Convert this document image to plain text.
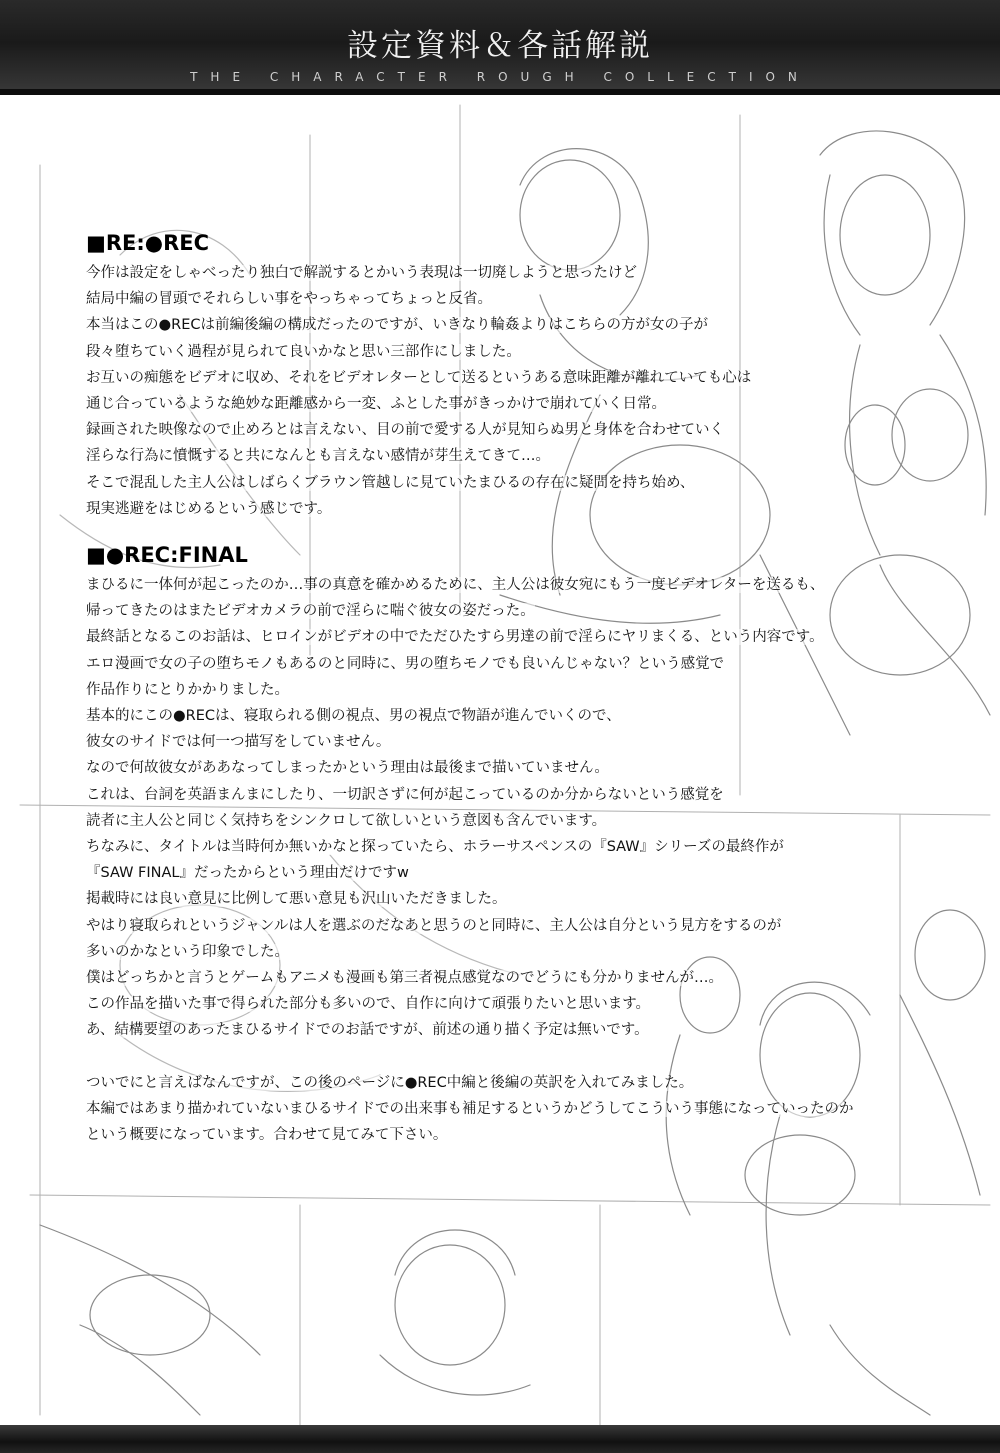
設定資料＆各話解説
THE CHARACTER ROUGH COLLECTION
■RE:●REC
今作は設定をしゃべったり独白で解説するとかいう表現は一切廃しようと思ったけど
結局中編の冒頭でそれらしい事をやっちゃってちょっと反省。
本当はこの●RECは前編後編の構成だったのですが、いきなり輪姦よりはこちらの方が女の子が
段々堕ちていく過程が見られて良いかなと思い三部作にしました。
お互いの痴態をビデオに収め、それをビデオレターとして送るというある意味距離が離れていても心は
通じ合っているような絶妙な距離感から一変、ふとした事がきっかけで崩れていく日常。
録画された映像なので止めろとは言えない、目の前で愛する人が見知らぬ男と身体を合わせていく
淫らな行為に憤慨すると共になんとも言えない感情が芽生えてきて…。
そこで混乱した主人公はしばらくブラウン管越しに見ていたまひるの存在に疑問を持ち始め、
現実逃避をはじめるという感じです。
■●REC:FINAL
まひるに一体何が起こったのか…事の真意を確かめるために、主人公は彼女宛にもう一度ビデオレターを送るも、
帰ってきたのはまたビデオカメラの前で淫らに喘ぐ彼女の姿だった。
最終話となるこのお話は、ヒロインがビデオの中でただひたすら男達の前で淫らにヤリまくる、という内容です。
エロ漫画で女の子の堕ちモノもあるのと同時に、男の堕ちモノでも良いんじゃない？という感覚で
作品作りにとりかかりました。
基本的にこの●RECは、寝取られる側の視点、男の視点で物語が進んでいくので、
彼女のサイドでは何一つ描写をしていません。
なので何故彼女がああなってしまったかという理由は最後まで描いていません。
これは、台詞を英語まんまにしたり、一切訳さずに何が起こっているのか分からないという感覚を
読者に主人公と同じく気持ちをシンクロして欲しいという意図も含んでいます。
ちなみに、タイトルは当時何か無いかなと探っていたら、ホラーサスペンスの『SAW』シリーズの最終作が
『SAW FINAL』だったからという理由だけですw
掲載時には良い意見に比例して悪い意見も沢山いただきました。
やはり寝取られというジャンルは人を選ぶのだなあと思うのと同時に、主人公は自分という見方をするのが
多いのかなという印象でした。
僕はどっちかと言うとゲームもアニメも漫画も第三者視点感覚なのでどうにも分かりませんが…。
この作品を描いた事で得られた部分も多いので、自作に向けて頑張りたいと思います。
あ、結構要望のあったまひるサイドでのお話ですが、前述の通り描く予定は無いです。
ついでにと言えばなんですが、この後のページに●REC中編と後編の英訳を入れてみました。
本編ではあまり描かれていないまひるサイドでの出来事も補足するというかどうしてこういう事態になっていったのか
という概要になっています。合わせて見てみて下さい。
